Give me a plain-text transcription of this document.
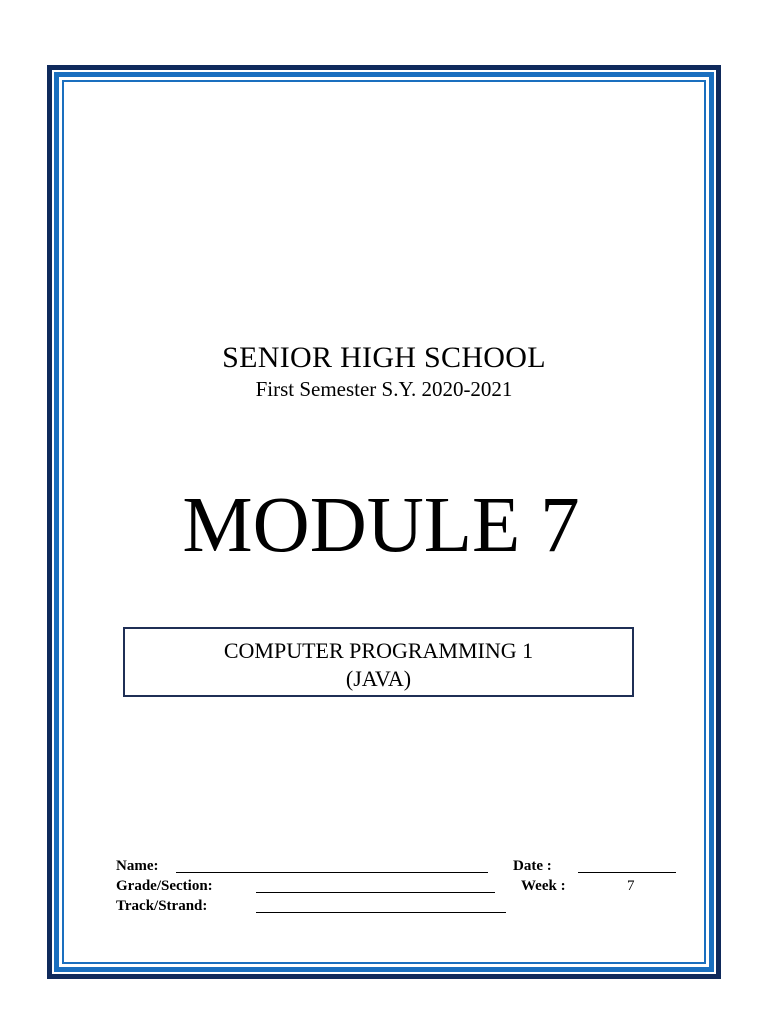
SENIOR HIGH SCHOOL
First Semester S.Y. 2020-2021
MODULE 7
COMPUTER PROGRAMMING 1
(JAVA)
Name:	Date :
Grade/Section:	Week :	7
Track/Strand:
